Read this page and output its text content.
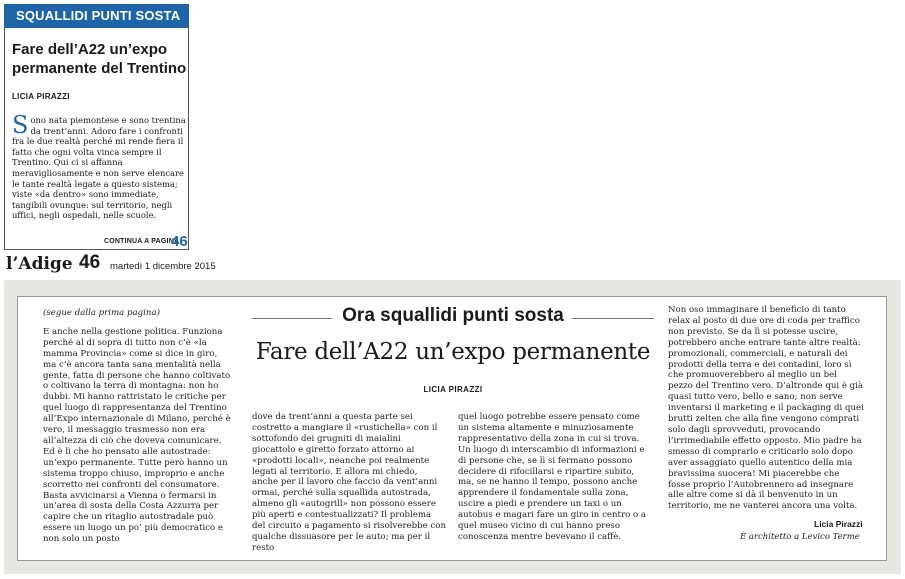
SQUALLIDI PUNTI SOSTA
Fare dell’A22 un’expo
permanente del Trentino
LICIA PIRAZZI
Sono nata piemontese e sono trentina da trent’anni. Adoro fare i confronti fra le due realtà perché mi rende fiera il fatto che ogni volta vinca sempre il Trentino. Qui ci si affanna meravigliosamente e non serve elencare le tante realtà legate a questo sistema; viste «da dentro» sono immediate, tangibili ovunque: sul territorio, negli uffici, negli ospedali, nelle scuole.
CONTINUA A PAGINA
46
l’Adige 46 martedì 1 dicembre 2015
(segue dalla prima pagina)
E anche nella gestione politica. Funziona perché al di sopra di tutto non c’è «la mamma Provincia» come si dice in giro, ma c’è ancora tanta sana mentalità nella gente, fatta di persone che hanno coltivato o coltivano la terra di montagna: non ho dubbi. Mi hanno rattristato le critiche per quel luogo di rappresentanza del Trentino all’Expo internazionale di Milano, perché è vero, il messaggio trasmesso non era all’altezza di ciò che doveva comunicare. Ed è lì che ho pensato alle autostrade: un’expo permanente. Tutte però hanno un sistema troppo chiuso, improprio e anche scorretto nei confronti del consumatore. Basta avvicinarsi a Vienna o fermarsi in un’area di sosta della Costa Azzurra per capire che un ritaglio autostradale può essere un luogo un po’ più democratico e non solo un posto
Ora squallidi punti sosta
Fare dell’A22 un’expo permanente
LICIA PIRAZZI
dove da trent’anni a questa parte sei costretto a mangiare il «rustichella» con il sottofondo dei grugniti di maialini giocattolo e giretto forzato attorno ai «prodotti locali», neanche poi realmente legati al territorio. E allora mi chiedo, anche per il lavoro che faccio da vent’anni ormai, perché sulla squallida autostrada, almeno gli «autogrill» non possono essere più aperti e contestualizzati? Il problema del circuito a pagamento si risolverebbe con qualche dissuasore per le auto; ma per il resto
quel luogo potrebbe essere pensato come un sistema altamente e minuziosamente rappresentativo della zona in cui si trova. Un luogo di interscambio di informazioni e di persone che, se lì si fermano possono decidere di rifocillarsi e ripartire subito, ma, se ne hanno il tempo, possono anche apprendere il fondamentale sulla zona, uscire a piedi e prendere un taxi o un autobus e magari fare un giro in centro o a quel museo vicino di cui hanno preso conoscenza mentre bevevano il caffè.
Non oso immaginare il beneficio di tanto relax al posto di due ore di coda per traffico non previsto. Se da lì si potesse uscire, potrebbero anche entrare tante altre realtà: promozionali, commerciali, e naturali dei prodotti della terra e dei contadini, loro sì che promuoverebbero al meglio un bel pezzo del Trentino vero. D’altronde qui è già quasi tutto vero, bello e sano; non serve inventarsi il marketing e il packaging di quei brutti zelten che alla fine vengono comprati solo dagli sprovveduti, provocando l’irrimediabile effetto opposto. Mio padre ha smesso di comprarlo e criticarlo solo dopo aver assaggiato quello autentico della mia bravissima suocera! Mi piacerebbe che fosse proprio l’Autobrennero ad insegnare alle altre come si dà il benvenuto in un territorio, me ne vanterei ancora una volta.
Licia Pirazzi
È architetto a Levico Terme
